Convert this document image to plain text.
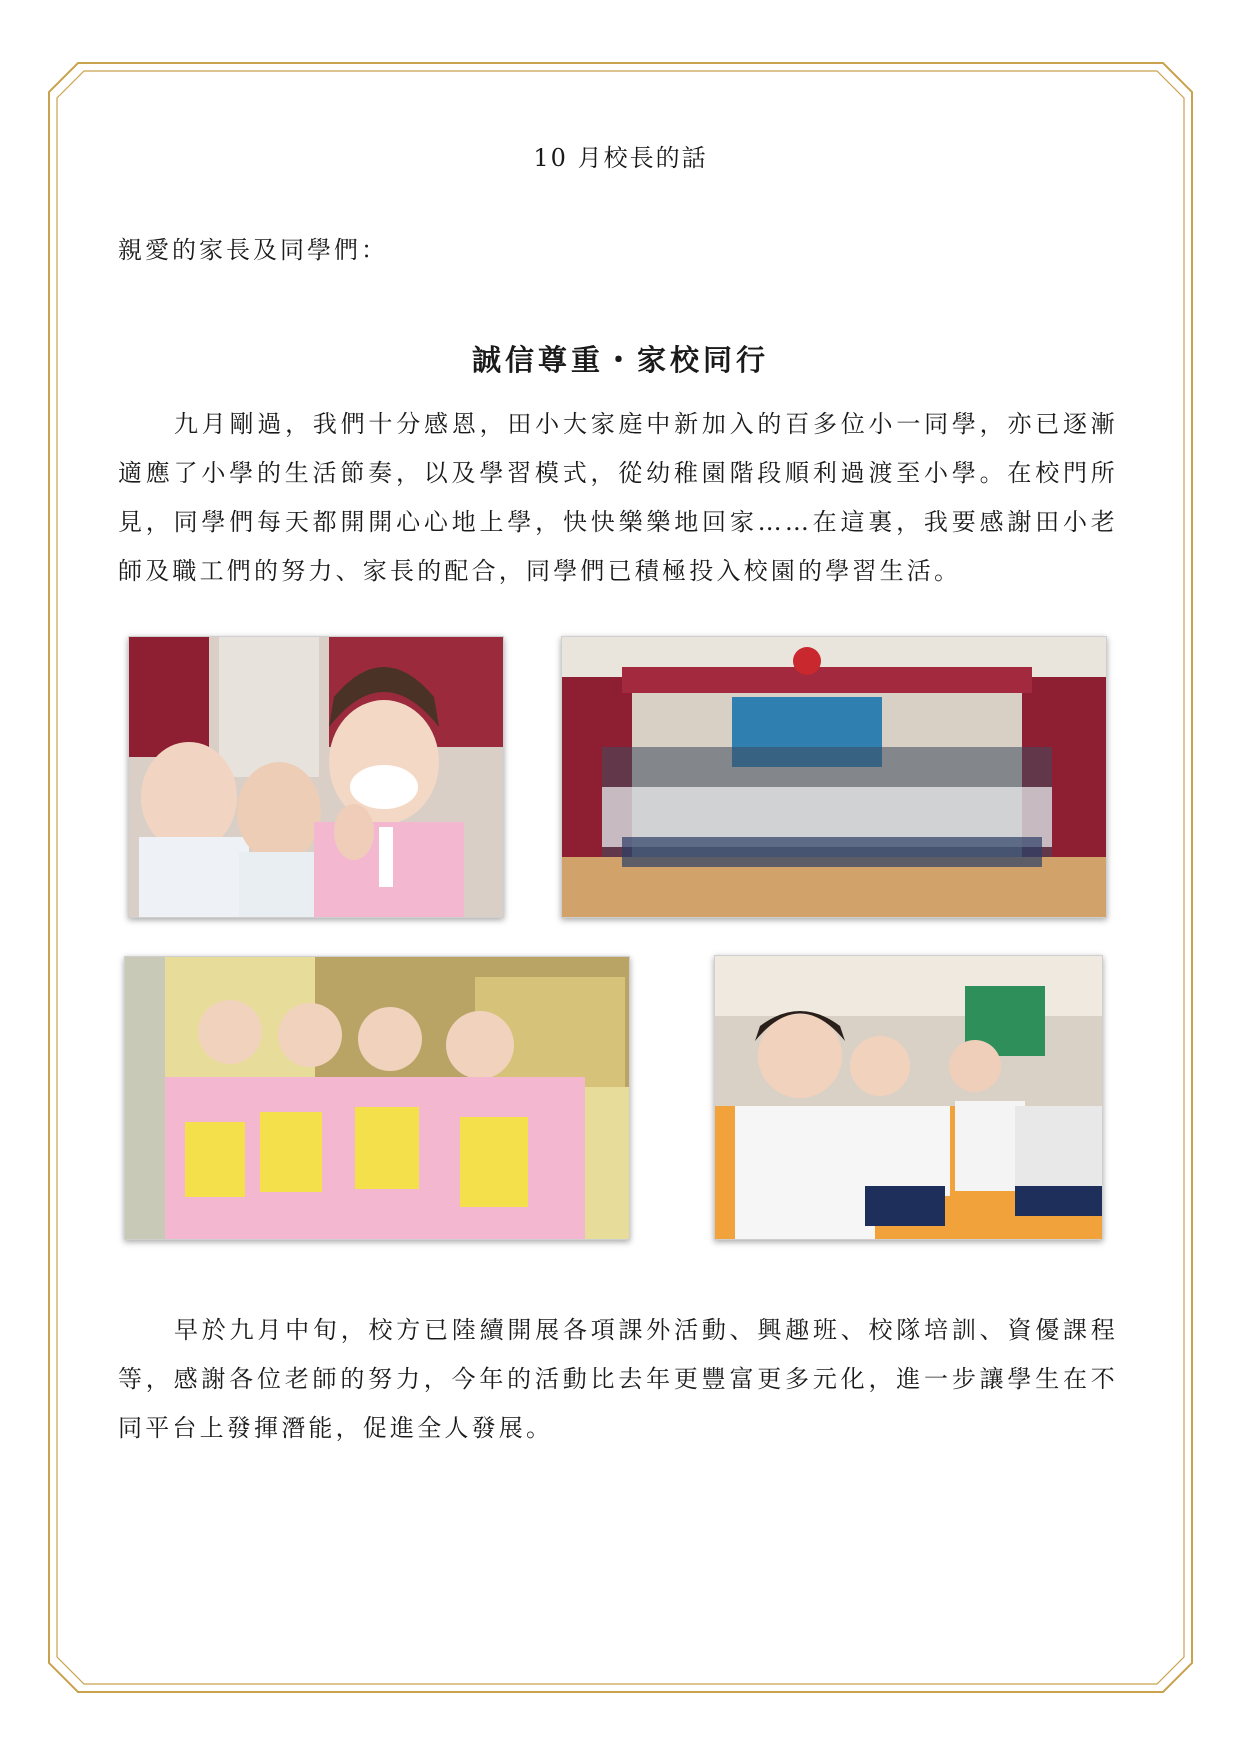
10 月校長的話
親愛的家長及同學們：
誠信尊重・家校同行

九月剛過，我們十分感恩，田小大家庭中新加入的百多位小一同學，亦已逐漸適應了小學的生活節奏，以及學習模式，從幼稚園階段順利過渡至小學。在校門所見，同學們每天都開開心心地上學，快快樂樂地回家……在這裏，我要感謝田小老師及職工們的努力、家長的配合，同學們已積極投入校園的學習生活。

早於九月中旬，校方已陸續開展各項課外活動、興趣班、校隊培訓、資優課程等，感謝各位老師的努力，今年的活動比去年更豐富更多元化，進一步讓學生在不同平台上發揮潛能，促進全人發展。
